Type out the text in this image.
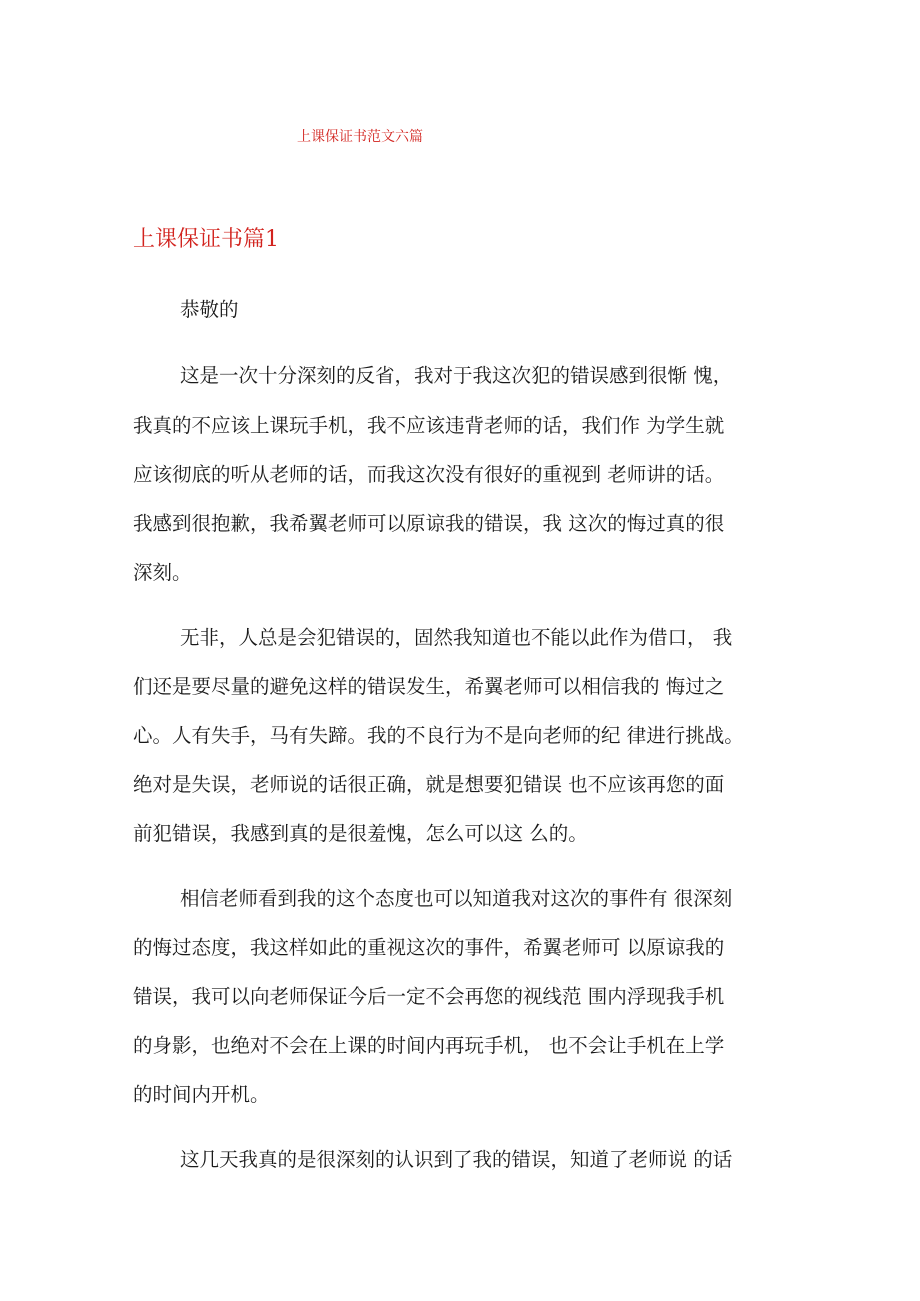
上课保证书范文六篇
上课保证书篇1
恭敬的
这是一次十分深刻的反省，我对于我这次犯的错误感到很惭 愧，
我真的不应该上课玩手机，我不应该违背老师的话，我们作 为学生就
应该彻底的听从老师的话，而我这次没有很好的重视到 老师讲的话。
我感到很抱歉，我希翼老师可以原谅我的错误，我 这次的悔过真的很
深刻。
无非，人总是会犯错误的，固然我知道也不能以此作为借口， 我
们还是要尽量的避免这样的错误发生，希翼老师可以相信我的 悔过之
心。人有失手，马有失蹄。我的不良行为不是向老师的纪 律进行挑战。
绝对是失误，老师说的话很正确，就是想要犯错误 也不应该再您的面
前犯错误，我感到真的是很羞愧，怎么可以这 么的。
相信老师看到我的这个态度也可以知道我对这次的事件有 很深刻
的悔过态度，我这样如此的重视这次的事件，希翼老师可 以原谅我的
错误，我可以向老师保证今后一定不会再您的视线范 围内浮现我手机
的身影，也绝对不会在上课的时间内再玩手机， 也不会让手机在上学
的时间内开机。
这几天我真的是很深刻的认识到了我的错误，知道了老师说 的话
